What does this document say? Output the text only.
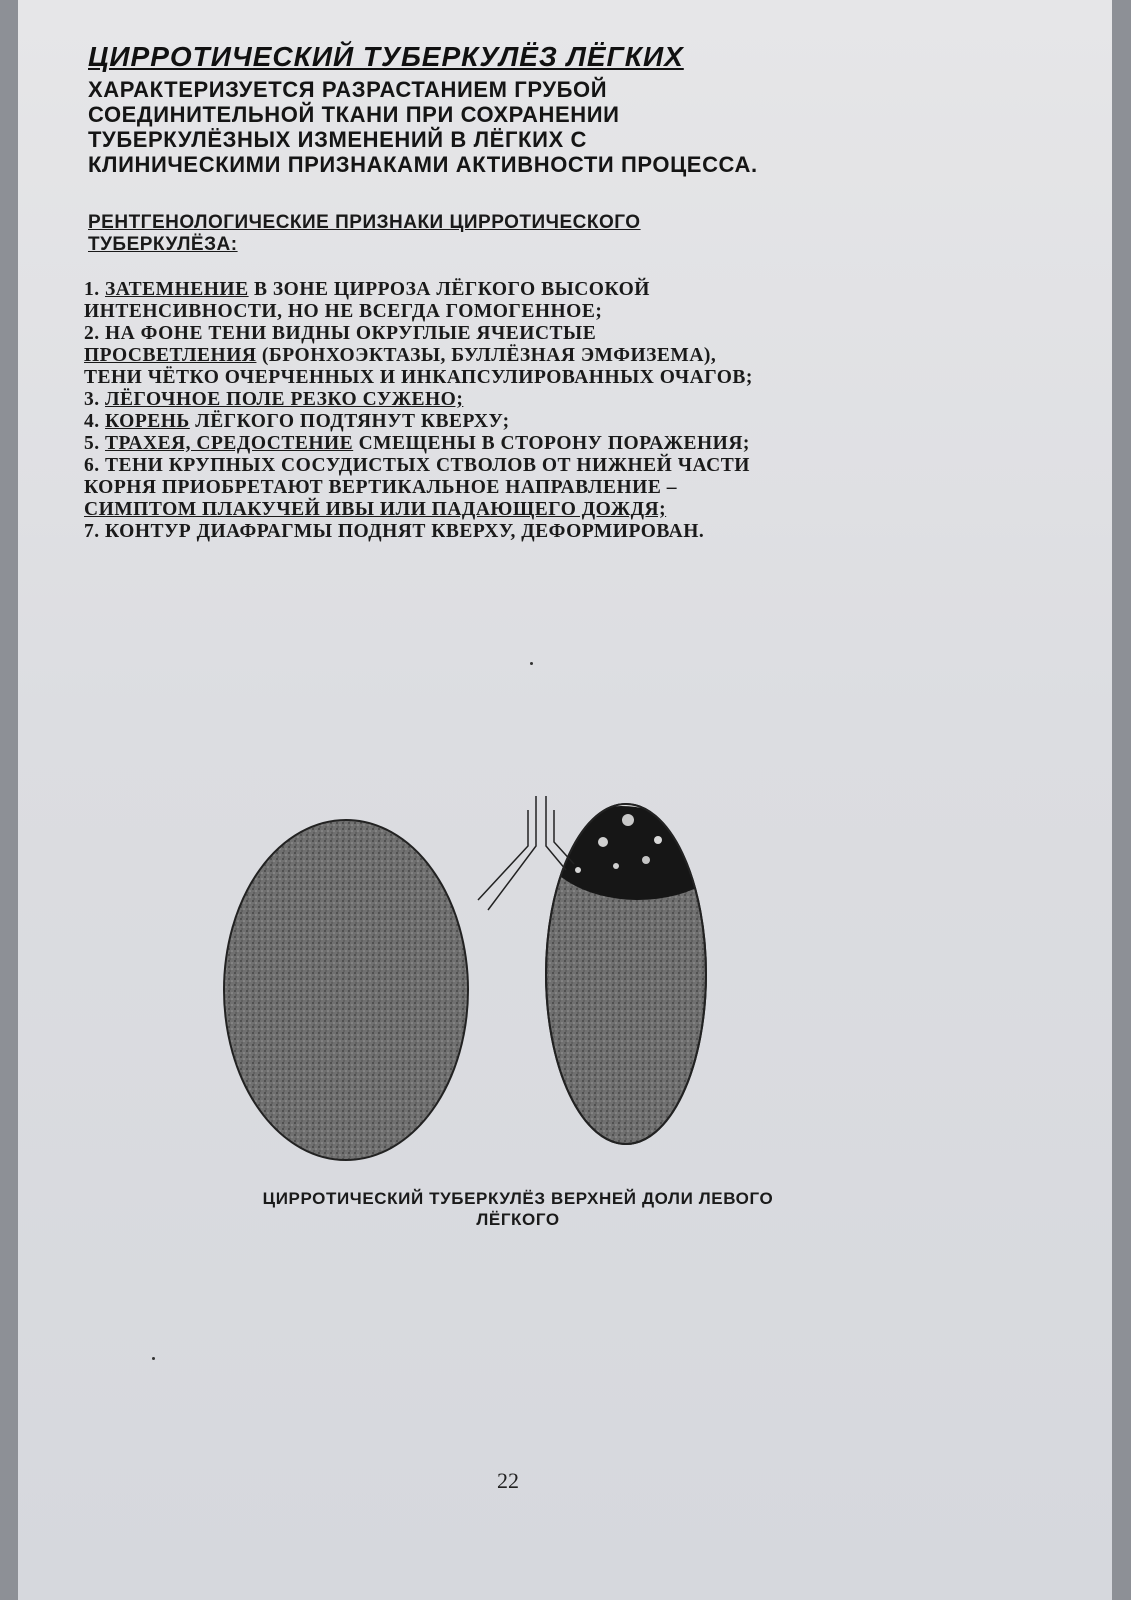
ЦИРРОТИЧЕСКИЙ ТУБЕРКУЛЁЗ ЛЁГКИХ
ХАРАКТЕРИЗУЕТСЯ РАЗРАСТАНИЕМ ГРУБОЙ
СОЕДИНИТЕЛЬНОЙ ТКАНИ ПРИ СОХРАНЕНИИ
ТУБЕРКУЛЁЗНЫХ ИЗМЕНЕНИЙ В ЛЁГКИХ С
КЛИНИЧЕСКИМИ ПРИЗНАКАМИ АКТИВНОСТИ ПРОЦЕССА.
РЕНТГЕНОЛОГИЧЕСКИЕ ПРИЗНАКИ ЦИРРОТИЧЕСКОГО
ТУБЕРКУЛЁЗА:
1. ЗАТЕМНЕНИЕ В ЗОНЕ ЦИРРОЗА ЛЁГКОГО ВЫСОКОЙ
ИНТЕНСИВНОСТИ, НО НЕ ВСЕГДА ГОМОГЕННОЕ;
2. НА ФОНЕ ТЕНИ ВИДНЫ ОКРУГЛЫЕ ЯЧЕИСТЫЕ
ПРОСВЕТЛЕНИЯ (БРОНХОЭКТАЗЫ, БУЛЛЁЗНАЯ ЭМФИЗЕМА),
ТЕНИ ЧЁТКО ОЧЕРЧЕННЫХ И ИНКАПСУЛИРОВАННЫХ ОЧАГОВ;
3. ЛЁГОЧНОЕ ПОЛЕ РЕЗКО СУЖЕНО;
4. КОРЕНЬ ЛЁГКОГО ПОДТЯНУТ КВЕРХУ;
5. ТРАХЕЯ, СРЕДОСТЕНИЕ СМЕЩЕНЫ В СТОРОНУ ПОРАЖЕНИЯ;
6. ТЕНИ КРУПНЫХ СОСУДИСТЫХ СТВОЛОВ ОТ НИЖНЕЙ ЧАСТИ
КОРНЯ ПРИОБРЕТАЮТ ВЕРТИКАЛЬНОЕ НАПРАВЛЕНИЕ –
СИМПТОМ ПЛАКУЧЕЙ ИВЫ ИЛИ ПАДАЮЩЕГО ДОЖДЯ;
7. КОНТУР ДИАФРАГМЫ ПОДНЯТ КВЕРХУ, ДЕФОРМИРОВАН.
ЦИРРОТИЧЕСКИЙ ТУБЕРКУЛЁЗ ВЕРХНЕЙ ДОЛИ ЛЕВОГО
ЛЁГКОГО
22
